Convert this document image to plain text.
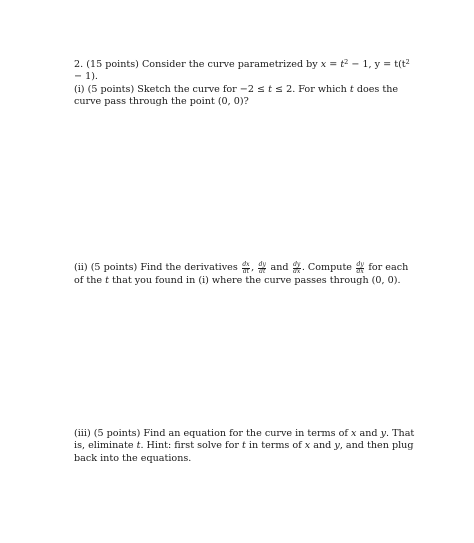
2. (15 points) Consider the curve parametrized by $x = t^2 - 1$, $y = t(t^2 - 1)$.
(i) (5 points) Sketch the curve for −2 ≤ t ≤ 2. For which t does the curve pass through the point (0, 0)?
(ii) (5 points) Find the derivatives $\frac{dx}{dt}$ , $\frac{dy}{dt}$ and $\frac{dy}{dx}$ . Compute $\frac{dy}{dx}$ for each of the t that you found in (i) where the curve passes through (0, 0).
(iii) (5 points) Find an equation for the curve in terms of x and y. That is, eliminate t. Hint: first solve for t in terms of x and y, and then plug back into the equations.
